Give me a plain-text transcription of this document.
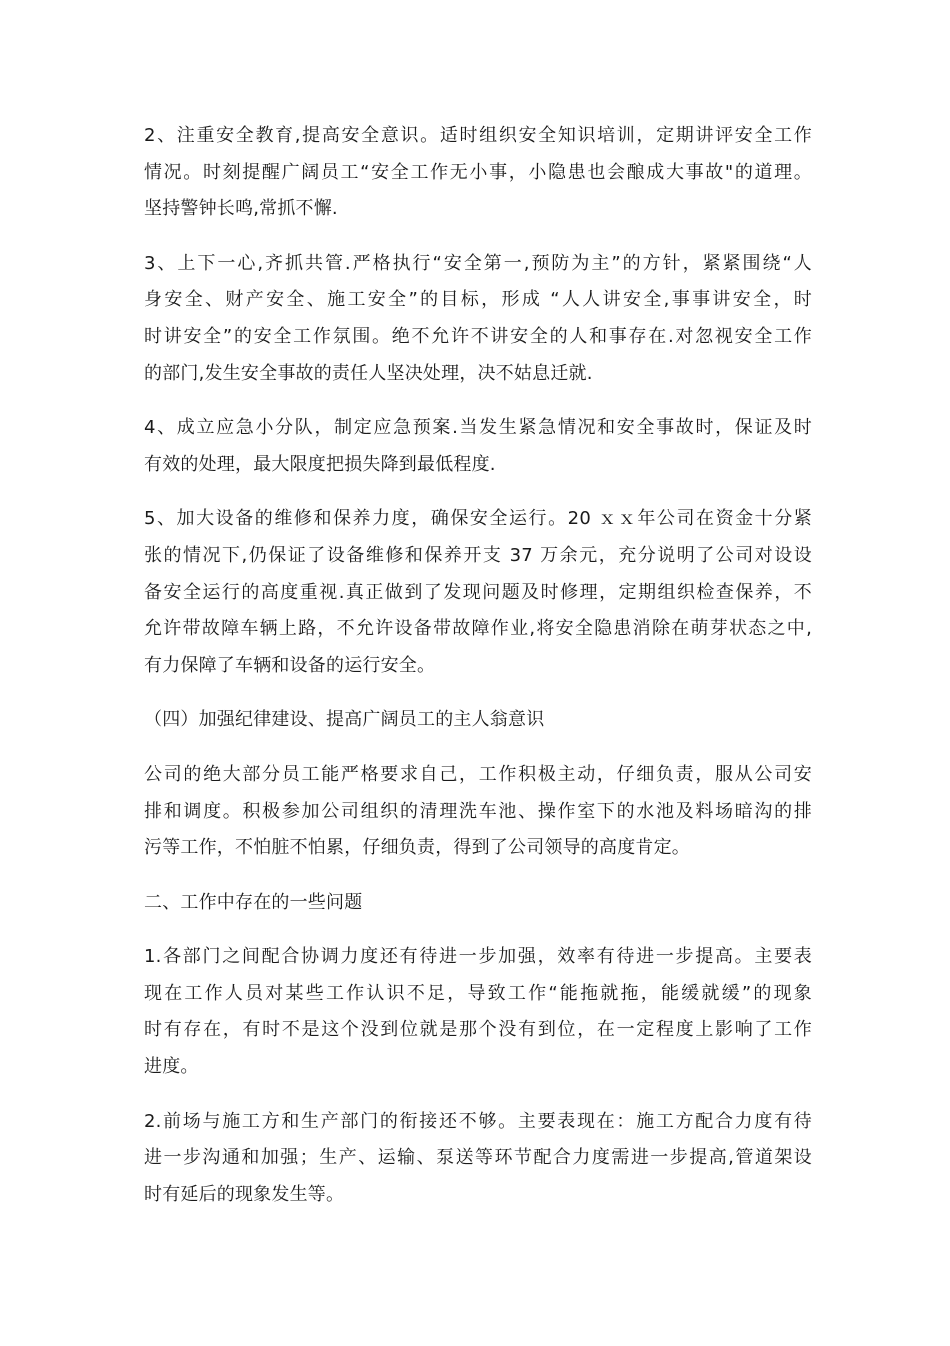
2、注重安全教育,提高安全意识。适时组织安全知识培训，定期讲评安全工作
情况。时刻提醒广阔员工“安全工作无小事，小隐患也会酿成大事故"的道理。
坚持警钟长鸣,常抓不懈.

3、上下一心,齐抓共管.严格执行“安全第一,预防为主”的方针，紧紧围绕“人
身安全、财产安全、施工安全”的目标，形成 “人人讲安全,事事讲安全，时
时讲安全”的安全工作氛围。绝不允许不讲安全的人和事存在.对忽视安全工作
的部门,发生安全事故的责任人坚决处理，决不姑息迁就.

4、成立应急小分队，制定应急预案.当发生紧急情况和安全事故时，保证及时
有效的处理，最大限度把损失降到最低程度.

5、加大设备的维修和保养力度，确保安全运行。20 ｘｘ年公司在资金十分紧
张的情况下,仍保证了设备维修和保养开支 37 万余元，充分说明了公司对设设
备安全运行的高度重视.真正做到了发现问题及时修理，定期组织检查保养，不
允许带故障车辆上路，不允许设备带故障作业,将安全隐患消除在萌芽状态之中,
有力保障了车辆和设备的运行安全。

（四）加强纪律建设、提高广阔员工的主人翁意识

公司的绝大部分员工能严格要求自己，工作积极主动，仔细负责，服从公司安
排和调度。积极参加公司组织的清理洗车池、操作室下的水池及料场暗沟的排
污等工作，不怕脏不怕累，仔细负责，得到了公司领导的高度肯定。

二、工作中存在的一些问题

1.各部门之间配合协调力度还有待进一步加强，效率有待进一步提高。主要表
现在工作人员对某些工作认识不足，导致工作“能拖就拖，能缓就缓”的现象
时有存在，有时不是这个没到位就是那个没有到位，在一定程度上影响了工作
进度。

2.前场与施工方和生产部门的衔接还不够。主要表现在：施工方配合力度有待
进一步沟通和加强；生产、运输、泵送等环节配合力度需进一步提高,管道架设
时有延后的现象发生等。
